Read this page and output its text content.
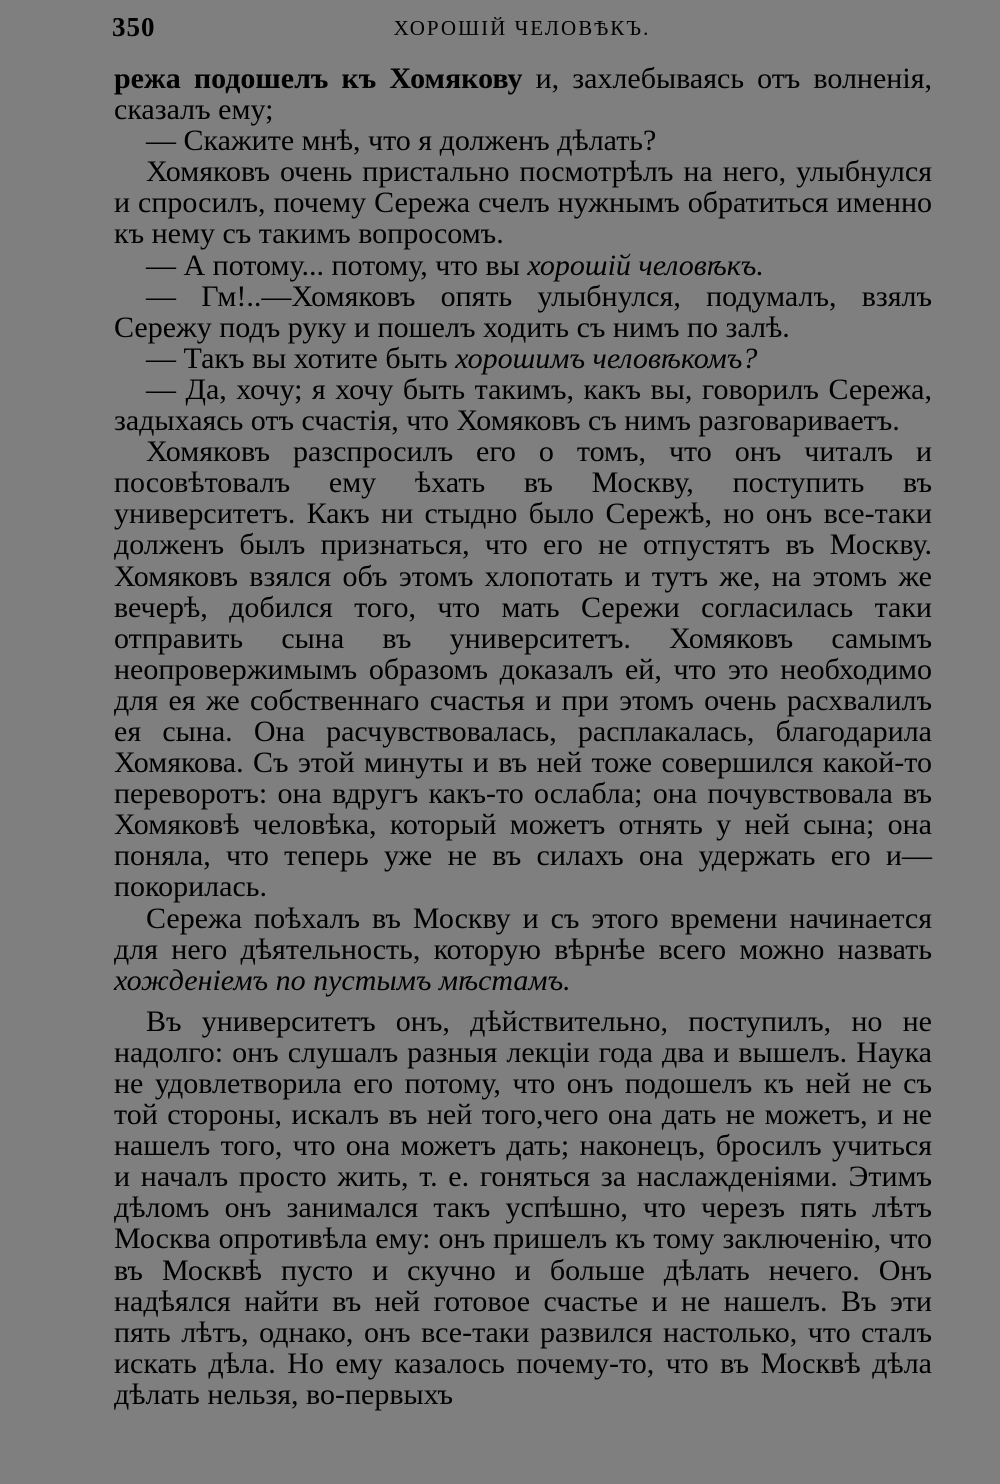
350	ХОРОШІЙ ЧЕЛОВѢКЪ.

режа подошелъ къ Хомякову и, захлебываясь отъ волненія, сказалъ ему;

— Скажите мнѣ, что я долженъ дѣлать?

Хомяковъ очень пристально посмотрѣлъ на него, улыбнулся и спросилъ, почему Сережа счелъ нужнымъ обратиться именно къ нему съ такимъ вопросомъ.

— А потому... потому, что вы хорошій человѣкъ.

— Гм!..—Хомяковъ опять улыбнулся, подумалъ, взялъ Сережу подъ руку и пошелъ ходить съ нимъ по залѣ.

— Такъ вы хотите быть хорошимъ человѣкомъ?

— Да, хочу; я хочу быть такимъ, какъ вы, говорилъ Сережа, задыхаясь отъ счастія, что Хомяковъ съ нимъ разговариваетъ.

Хомяковъ разспросилъ его о томъ, что онъ читалъ и посовѣтовалъ ему ѣхать въ Москву, поступить въ университетъ. Какъ ни стыдно было Сережѣ, но онъ все-таки долженъ былъ признаться, что его не отпустятъ въ Москву. Хомяковъ взялся объ этомъ хлопотать и тутъ же, на этомъ же вечерѣ, добился того, что мать Сережи согласилась таки отправить сына въ университетъ. Хомяковъ самымъ неопровержимымъ образомъ доказалъ ей, что это необходимо для ея же собственнаго счастья и при этомъ очень расхвалилъ ея сына. Она расчувствовалась, расплакалась, благодарила Хомякова. Съ этой минуты и въ ней тоже совершился какой-то переворотъ: она вдругъ какъ-то ослабла; она почувствовала въ Хомяковѣ человѣка, который можетъ отнять у ней сына; она поняла, что теперь уже не въ силахъ она удержать его и—покорилась.

Сережа поѣхалъ въ Москву и съ этого времени начинается для него дѣятельность, которую вѣрнѣе всего можно назвать хожденіемъ по пустымъ мѣстамъ.

Въ университетъ онъ, дѣйствительно, поступилъ, но не надолго: онъ слушалъ разныя лекціи года два и вышелъ. Наука не удовлетворила его потому, что онъ подошелъ къ ней не съ той стороны, искалъ въ ней того,чего она дать не можетъ, и не нашелъ того, что она можетъ дать; наконецъ, бросилъ учиться и началъ просто жить, т. е. гоняться за наслажденіями. Этимъ дѣломъ онъ занимался такъ успѣшно, что черезъ пять лѣтъ Москва опротивѣла ему: онъ пришелъ къ тому заключенію, что въ Москвѣ пусто и скучно и больше дѣлать нечего. Онъ надѣялся найти въ ней готовое счастье и не нашелъ. Въ эти пять лѣтъ, однако, онъ все-таки развился настолько, что сталъ искать дѣла. Но ему казалось почему-то, что въ Москвѣ дѣла дѣлать нельзя, во-первыхъ
